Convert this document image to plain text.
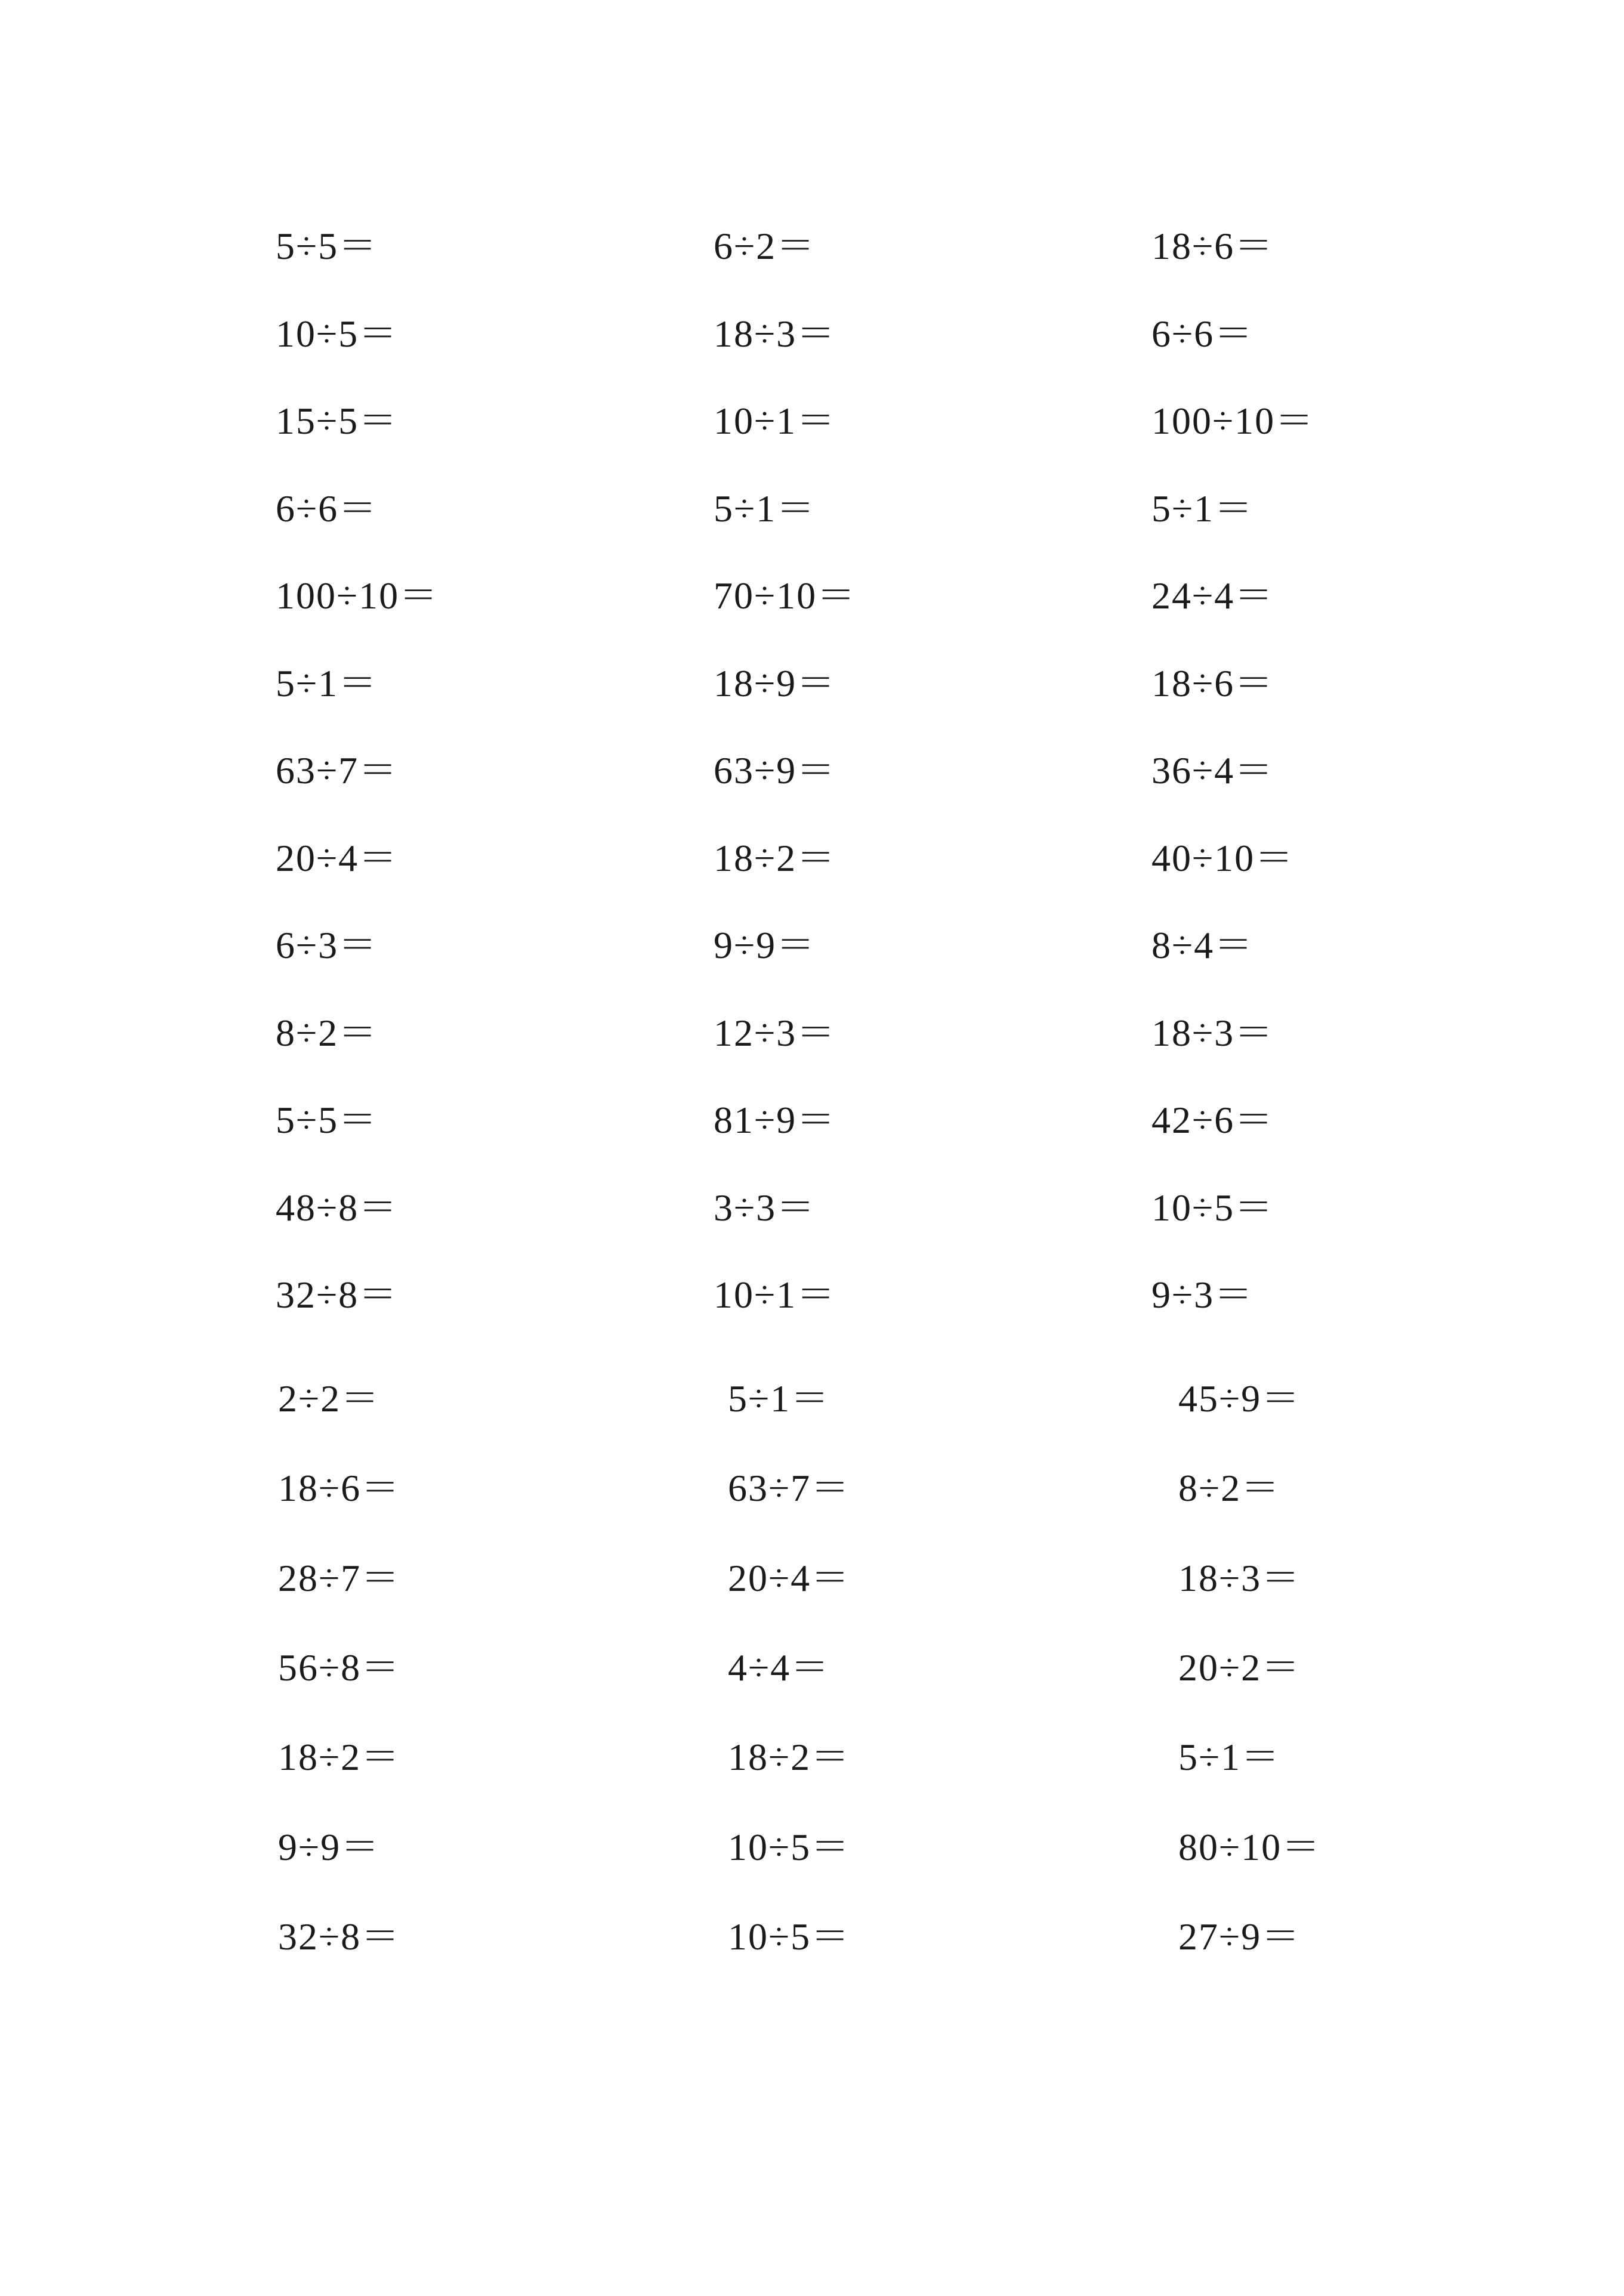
5÷5＝	6÷2＝	18÷6＝
10÷5＝	18÷3＝	6÷6＝
15÷5＝	10÷1＝	100÷10＝
6÷6＝	5÷1＝	5÷1＝
100÷10＝	70÷10＝	24÷4＝
5÷1＝	18÷9＝	18÷6＝
63÷7＝	63÷9＝	36÷4＝
20÷4＝	18÷2＝	40÷10＝
6÷3＝	9÷9＝	8÷4＝
8÷2＝	12÷3＝	18÷3＝
5÷5＝	81÷9＝	42÷6＝
48÷8＝	3÷3＝	10÷5＝
32÷8＝	10÷1＝	9÷3＝
2÷2＝	5÷1＝	45÷9＝
18÷6＝	63÷7＝	8÷2＝
28÷7＝	20÷4＝	18÷3＝
56÷8＝	4÷4＝	20÷2＝
18÷2＝	18÷2＝	5÷1＝
9÷9＝	10÷5＝	80÷10＝
32÷8＝	10÷5＝	27÷9＝
